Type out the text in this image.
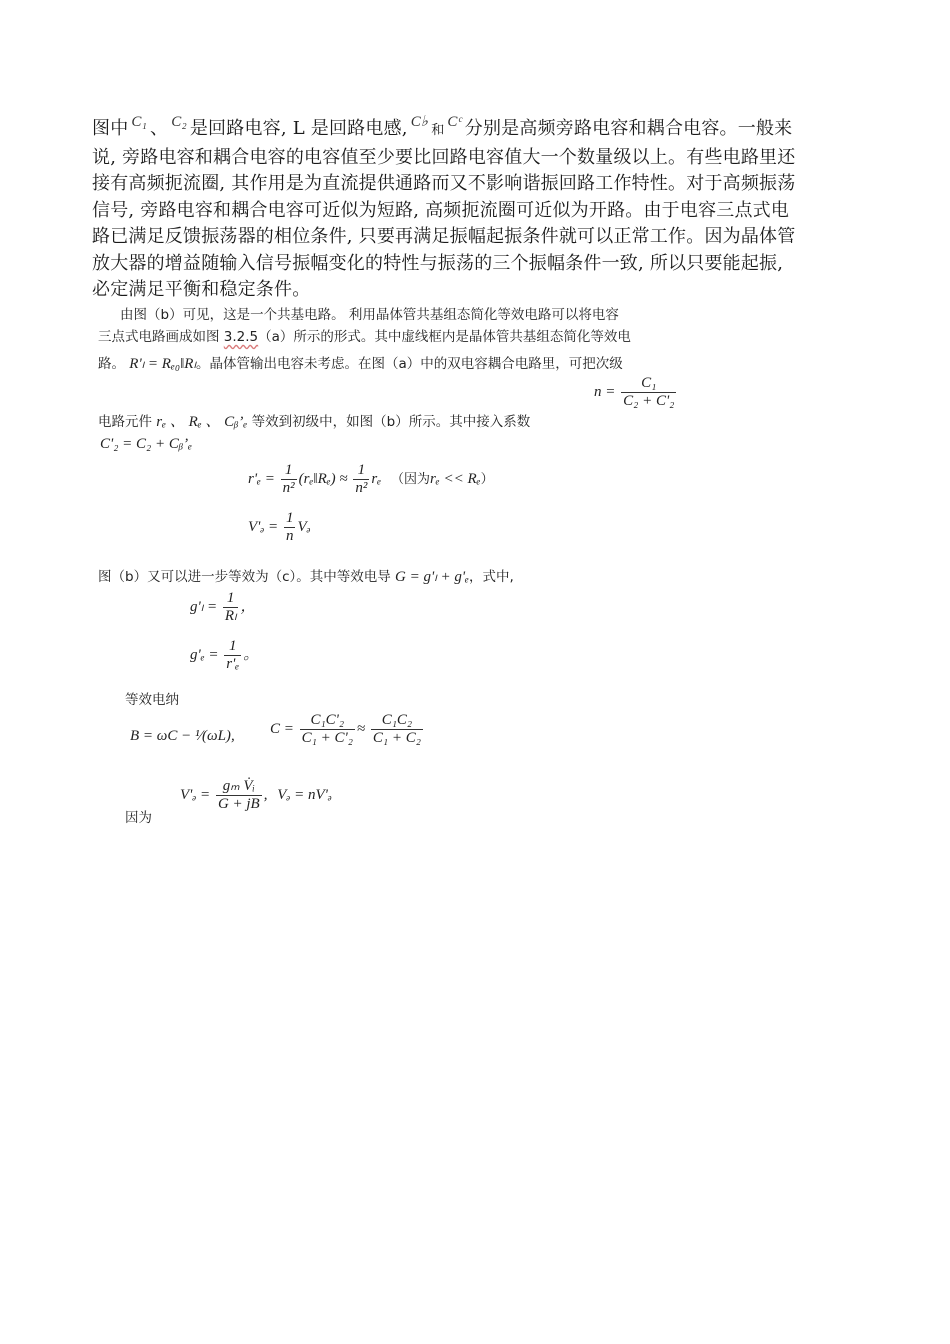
图中 $^{C_1}$ 、 $^{C_2}$ 是回路电容, L 是回路电感, $^{C♭}$和$^{Cᶜ}$ 分别是高频旁路电容和耦合电容。一般来
说, 旁路电容和耦合电容的电容值至少要比回路电容值大一个数量级以上。有些电路里还
接有高频扼流圈, 其作用是为直流提供通路而又不影响谐振回路工作特性。对于高频振荡
信号, 旁路电容和耦合电容可近似为短路, 高频扼流圈可近似为开路。由于电容三点式电
路已满足反馈振荡器的相位条件, 只要再满足振幅起振条件就可以正常工作。因为晶体管
放大器的增益随输入信号振幅变化的特性与振荡的三个振幅条件一致, 所以只要能起振,
必定满足平衡和稳定条件。
由图（b）可见，这是一个共基电路。 利用晶体管共基组态简化等效电路可以将电容
三点式电路画成如图 3.2.5（a）所示的形式。其中虚线框内是晶体管共基组态简化等效电
路。 R'ₗ = Rₑ₀‖Rₗ。晶体管输出电容未考虑。在图（a）中的双电容耦合电路里，可把次级
$n = \frac{\text{C₁}}{\text{C₂ + C'₂}}$
电路元件 rₑ 、 Rₑ 、 Cᵦ’ₑ 等效到初级中，如图（b）所示。其中接入系数
C'₂ = C₂ + Cᵦ’ₑ
$r'_e = \frac{1}{\text{n²}}$ (rₑ‖Rₑ) ≈ $\frac{1}{\text{n²}}$ rₑ （因为rₑ << Rₑ）
V'ₔ = $\frac{1}{n}$ Vₔ
图（b）又可以进一步等效为（c）。其中等效电导 G = g'ₗ + g'ₑ，式中,
$g'_l = \frac{1}{\text{Rₗ}}$ ，
$g'_e = \frac{1}{\text{r'ₑ}}$ 。
等效电纳
B = ωC − ¹⁄(ωL), $C = \frac{\text{C₁C'₂}}{\text{C₁ + C'₂}} \approx \frac{\text{C₁C₂}}{\text{C₁ + C₂}}$
因为
V'ₔ = $\frac{\text{gₘ V̇ᵢ}}{G + jB}$ , Vₔ = nV'ₔ
